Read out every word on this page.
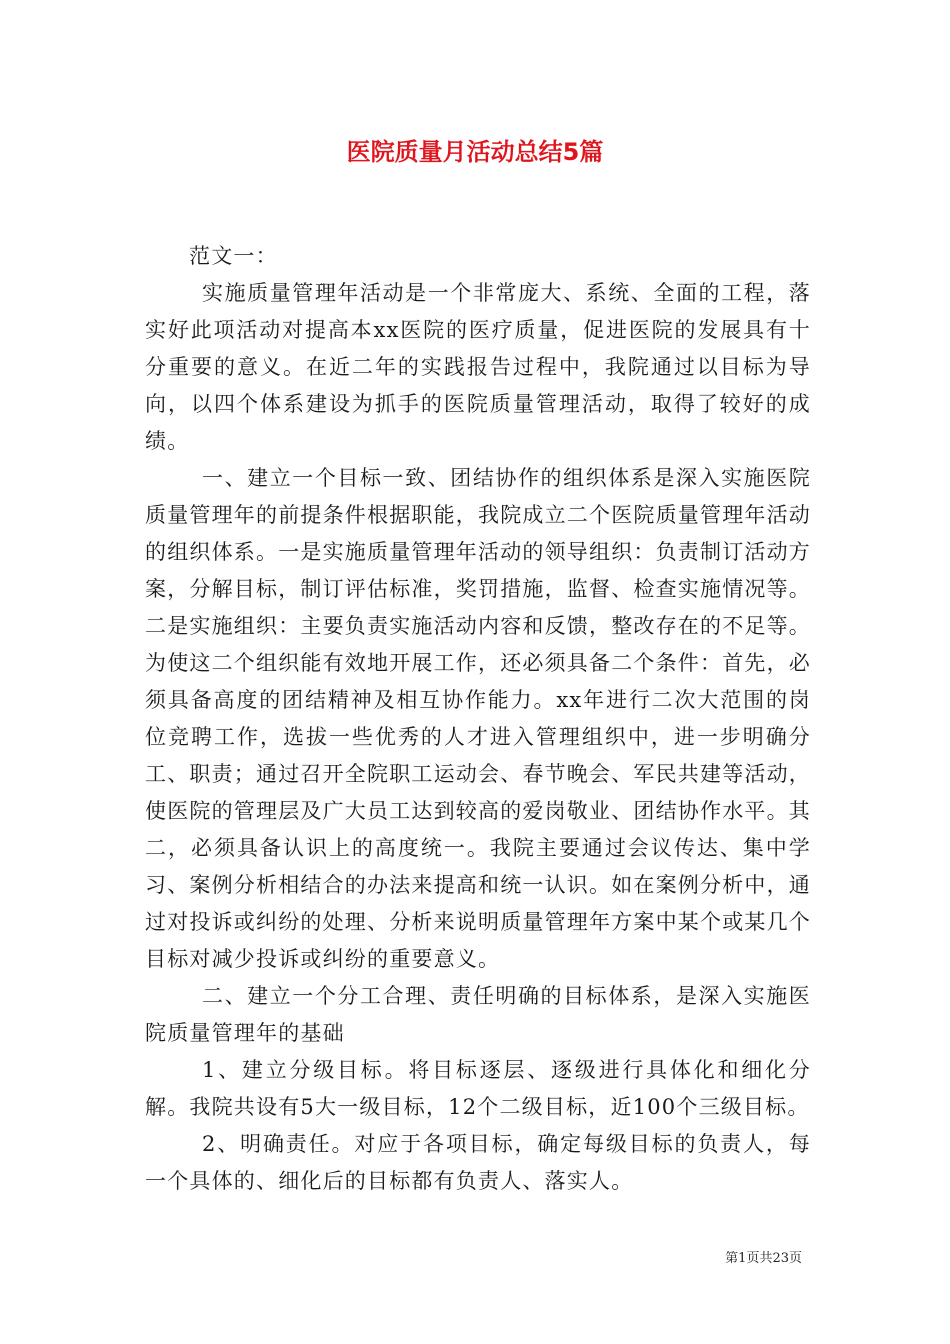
医院质量月活动总结5篇

范文一：

实施质量管理年活动是一个非常庞大、系统、全面的工程，落实好此项活动对提高本xx医院的医疗质量，促进医院的发展具有十分重要的意义。在近二年的实践报告过程中，我院通过以目标为导向，以四个体系建设为抓手的医院质量管理活动，取得了较好的成绩。

一、建立一个目标一致、团结协作的组织体系是深入实施医院质量管理年的前提条件根据职能，我院成立二个医院质量管理年活动的组织体系。一是实施质量管理年活动的领导组织：负责制订活动方案，分解目标，制订评估标准，奖罚措施，监督、检查实施情况等。二是实施组织：主要负责实施活动内容和反馈，整改存在的不足等。为使这二个组织能有效地开展工作，还必须具备二个条件：首先，必须具备高度的团结精神及相互协作能力。xx年进行二次大范围的岗位竞聘工作，选拔一些优秀的人才进入管理组织中，进一步明确分工、职责；通过召开全院职工运动会、春节晚会、军民共建等活动，使医院的管理层及广大员工达到较高的爱岗敬业、团结协作水平。其二，必须具备认识上的高度统一。我院主要通过会议传达、集中学习、案例分析相结合的办法来提高和统一认识。如在案例分析中，通过对投诉或纠纷的处理、分析来说明质量管理年方案中某个或某几个目标对减少投诉或纠纷的重要意义。

二、建立一个分工合理、责任明确的目标体系，是深入实施医院质量管理年的基础

1、建立分级目标。将目标逐层、逐级进行具体化和细化分解。我院共设有5大一级目标，12个二级目标，近100个三级目标。

2、明确责任。对应于各项目标，确定每级目标的负责人，每一个具体的、细化后的目标都有负责人、落实人。

第1页共23页
